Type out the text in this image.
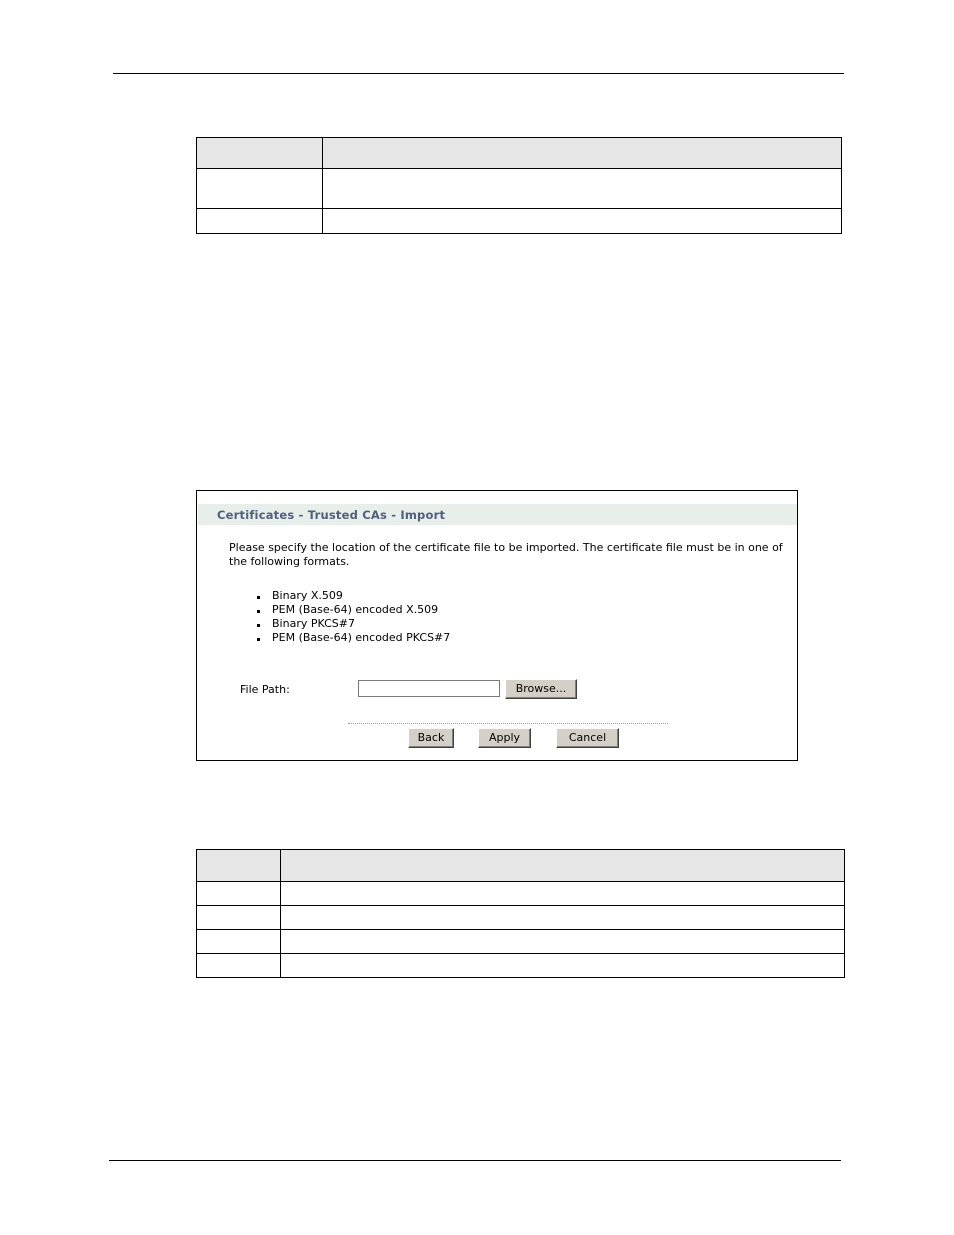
Certificates - Trusted CAs - Import
Please specify the location of the certificate file to be imported. The certificate file must be in one of the following formats.
Binary X.509
PEM (Base-64) encoded X.509
Binary PKCS#7
PEM (Base-64) encoded PKCS#7
File Path:	Browse...
Back	Apply	Cancel
